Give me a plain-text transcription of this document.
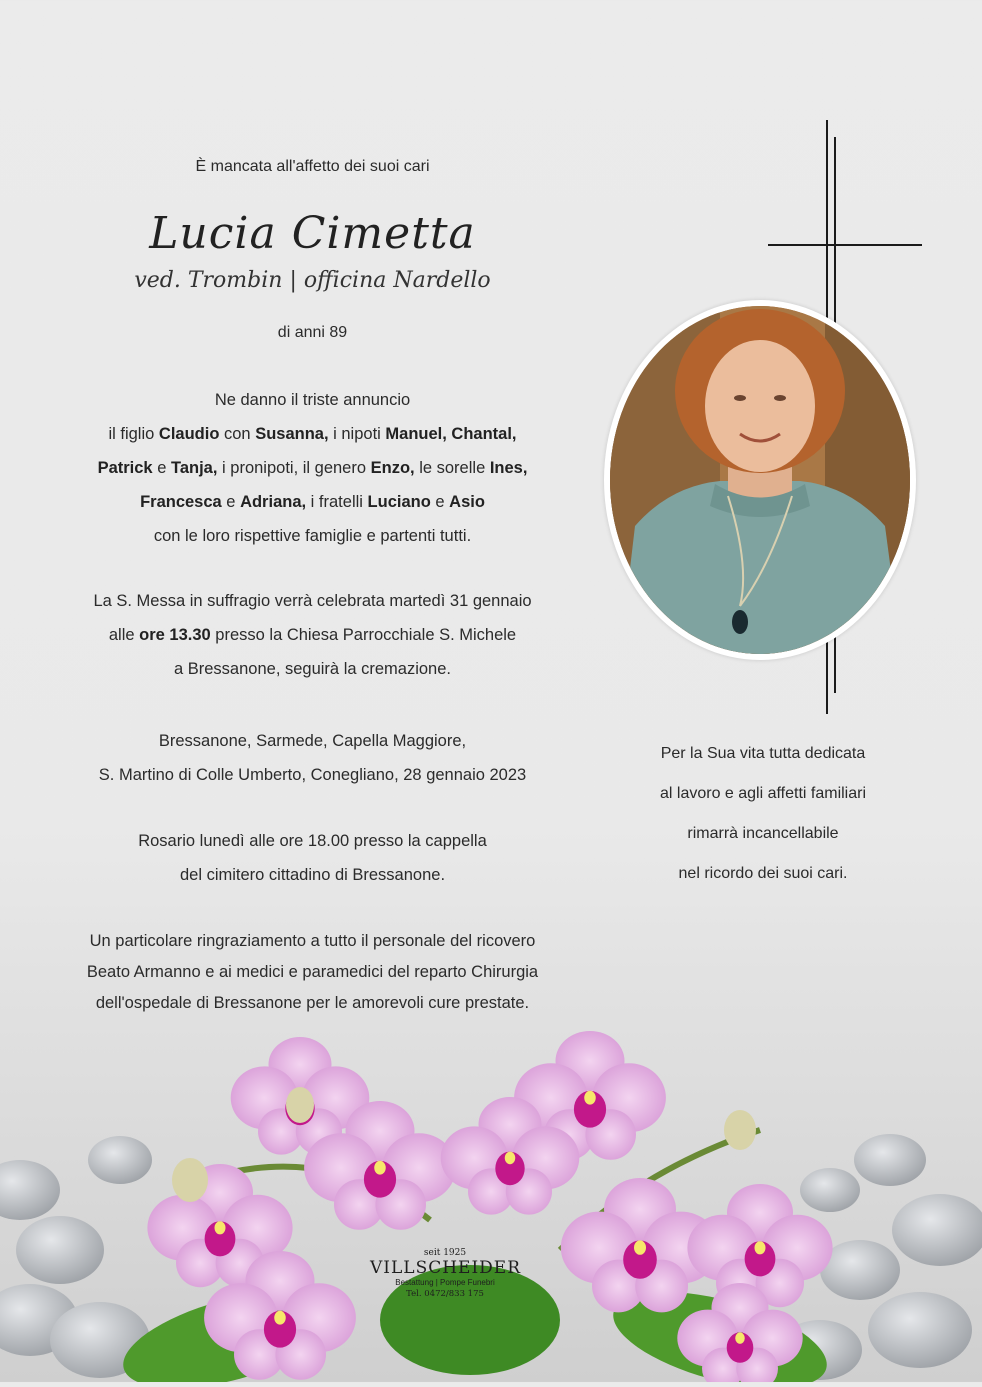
È mancata all'affetto dei suoi cari
Lucia Cimetta
ved. Trombin | officina Nardello
di anni 89
Ne danno il triste annuncio
il figlio Claudio con Susanna, i nipoti Manuel, Chantal,
Patrick e Tanja, i pronipoti, il genero Enzo, le sorelle Ines,
Francesca e Adriana, i fratelli Luciano e Asio
con le loro rispettive famiglie e partenti tutti.
La S. Messa in suffragio verrà celebrata martedì 31 gennaio
alle ore 13.30 presso la Chiesa Parrocchiale S. Michele
a Bressanone, seguirà la cremazione.
Bressanone, Sarmede, Capella Maggiore,
S. Martino di Colle Umberto, Conegliano, 28 gennaio 2023
Rosario lunedì alle ore 18.00 presso la cappella
del cimitero cittadino di Bressanone.
Un particolare ringraziamento a tutto il personale del ricovero
Beato Armanno e ai medici e paramedici del reparto Chirurgia
dell'ospedale di Bressanone per le amorevoli cure prestate.
Per la Sua vita tutta dedicata
al lavoro e agli affetti familiari
rimarrà incancellabile
nel ricordo dei suoi cari.
seit 1925
VILLSCHEIDER
Bestattung | Pompe Funebri
Tel. 0472/833 175
